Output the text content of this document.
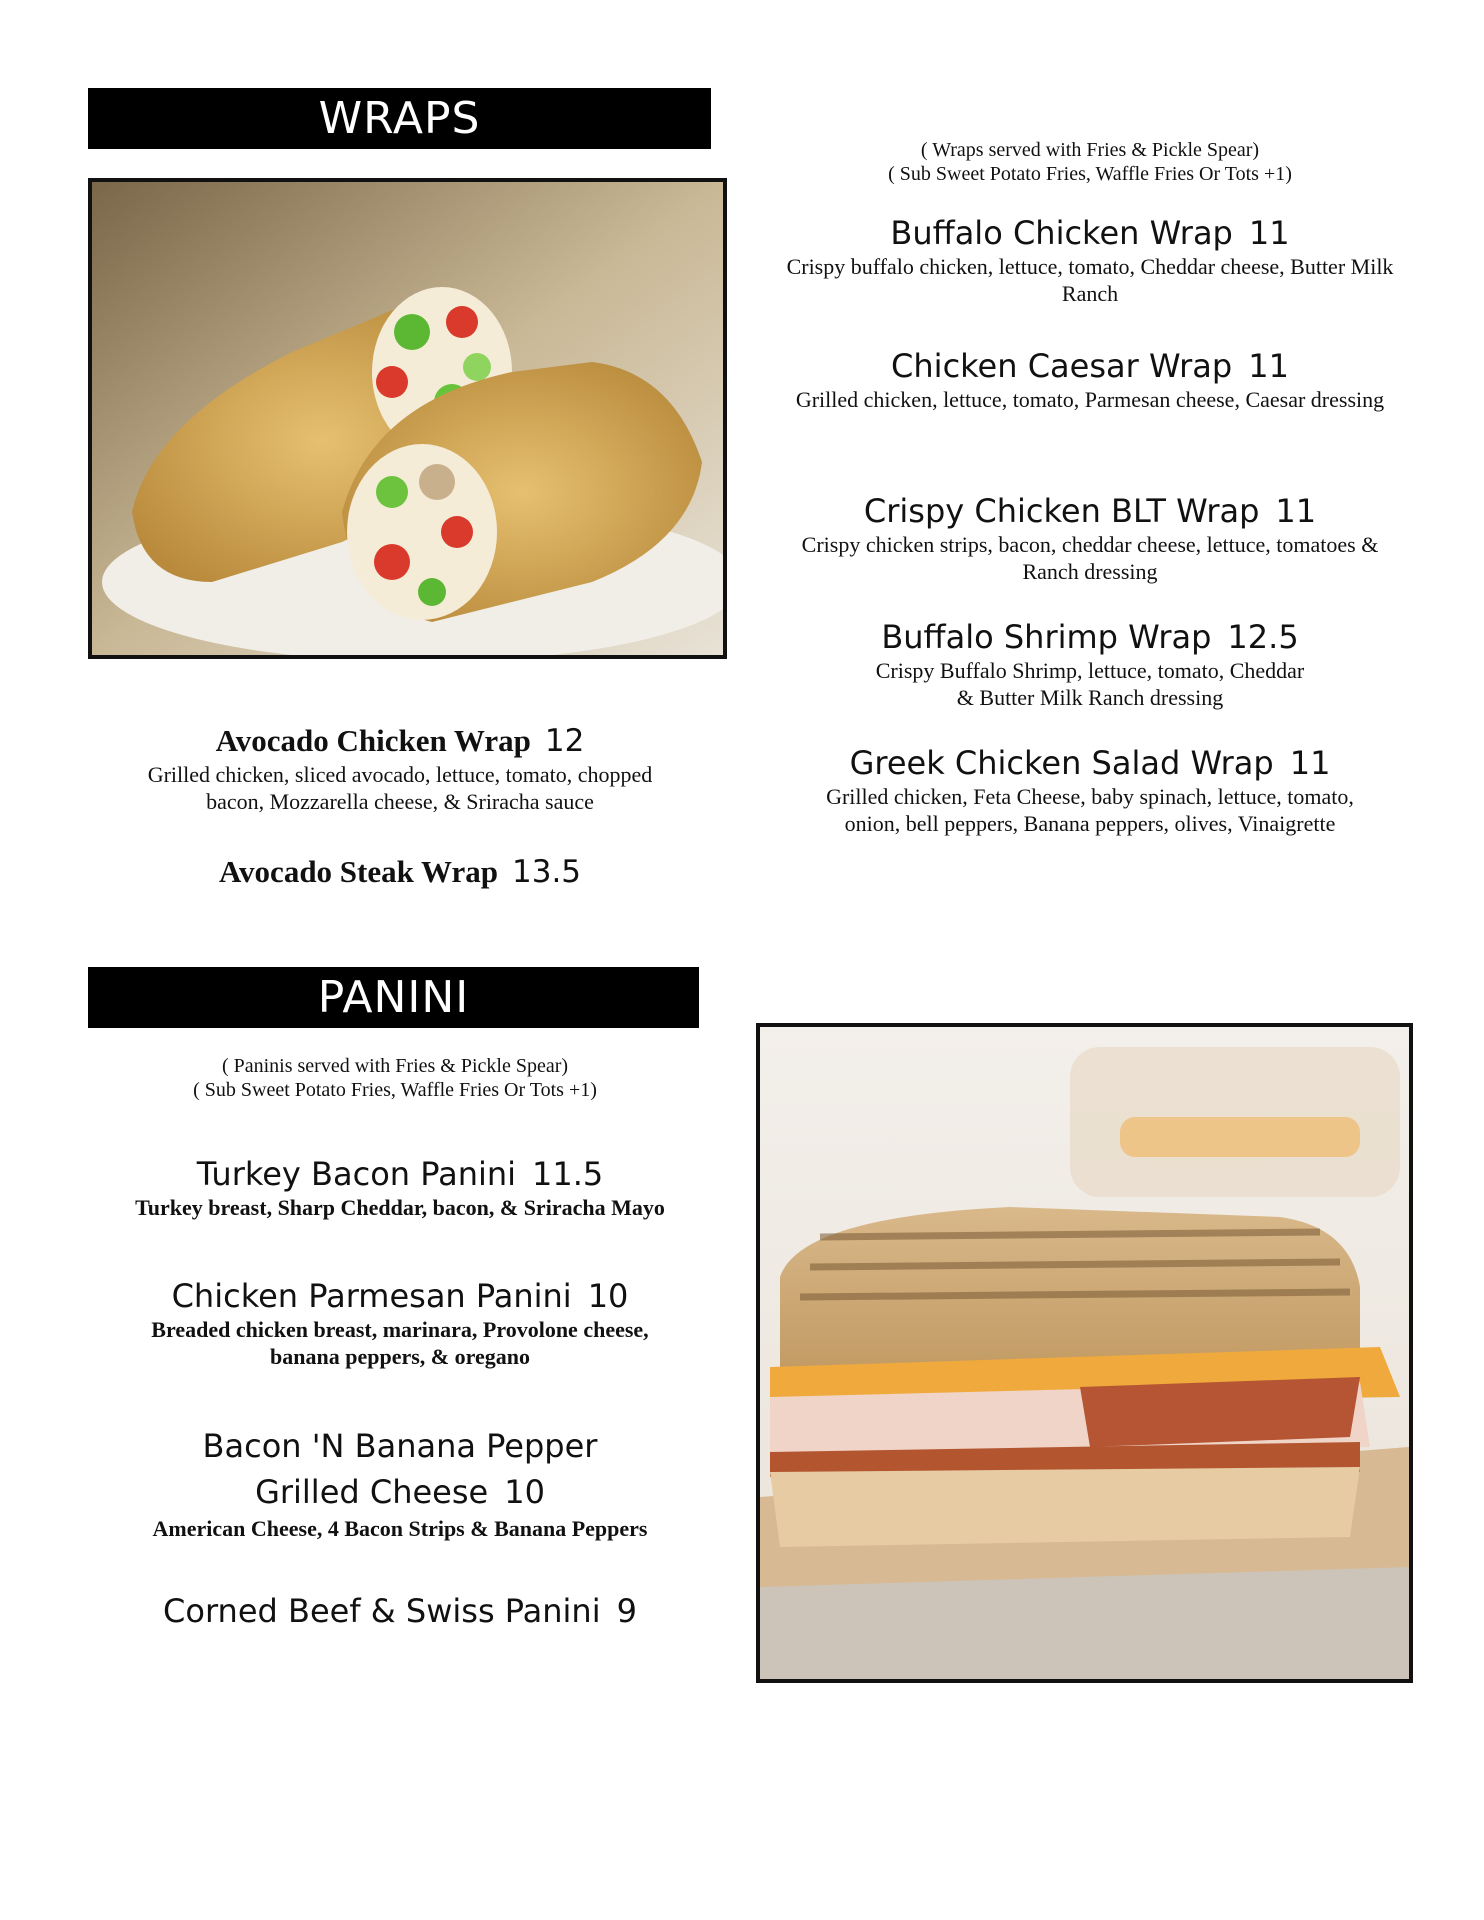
WRAPS
( Wraps served with Fries & Pickle Spear)
( Sub Sweet Potato Fries, Waffle Fries Or Tots +1)
Buffalo Chicken Wrap 11
Crispy buffalo chicken, lettuce, tomato, Cheddar cheese, Butter Milk Ranch
Chicken Caesar Wrap 11
Grilled chicken, lettuce, tomato, Parmesan cheese, Caesar dressing
Crispy Chicken BLT Wrap 11
Crispy chicken strips, bacon, cheddar cheese, lettuce, tomatoes & Ranch dressing
Buffalo Shrimp Wrap 12.5
Crispy Buffalo Shrimp, lettuce, tomato, Cheddar
& Butter Milk Ranch dressing
Greek Chicken Salad Wrap 11
Grilled chicken, Feta Cheese, baby spinach, lettuce, tomato,
onion, bell peppers, Banana peppers, olives, Vinaigrette
Avocado Chicken Wrap 12
Grilled chicken, sliced avocado, lettuce, tomato, chopped
bacon, Mozzarella cheese, & Sriracha sauce
Avocado Steak Wrap 13.5
PANINI
( Paninis served with Fries & Pickle Spear)
( Sub Sweet Potato Fries, Waffle Fries Or Tots +1)
Turkey Bacon Panini 11.5
Turkey breast, Sharp Cheddar, bacon, & Sriracha Mayo
Chicken Parmesan Panini 10
Breaded chicken breast, marinara, Provolone cheese,
banana peppers, & oregano
Bacon 'N Banana Pepper
Grilled Cheese 10
American Cheese, 4 Bacon Strips & Banana Peppers
Corned Beef & Swiss Panini 9
